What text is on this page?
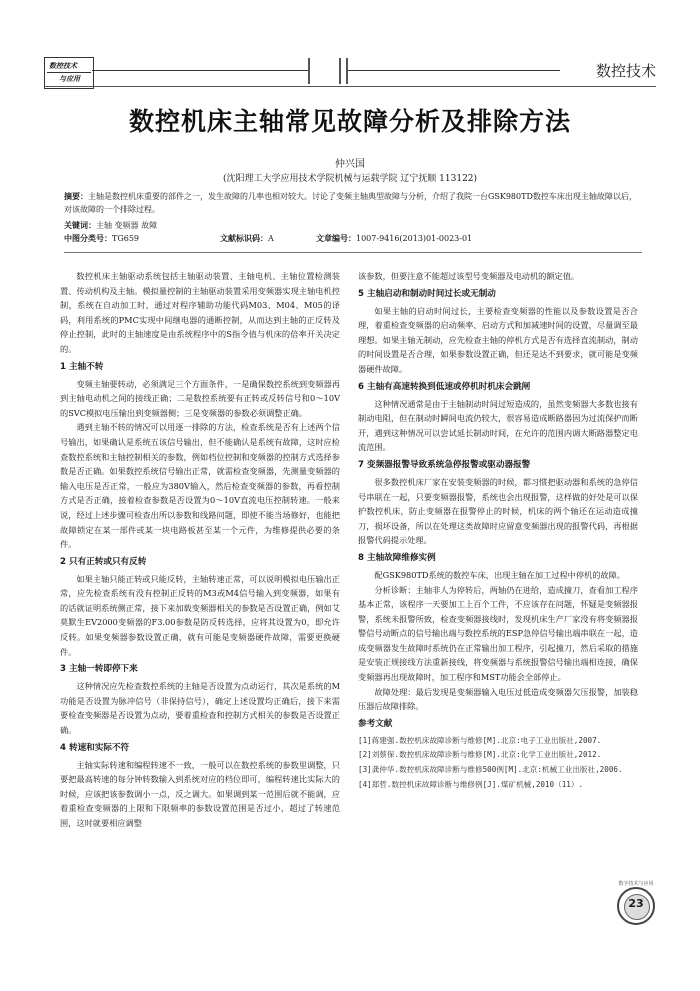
数控技术
与应用	数控技术
数控机床主轴常见故障分析及排除方法
仲兴国
(沈阳理工大学应用技术学院机械与运载学院 辽宁抚顺 113122)
摘要：主轴是数控机床重要的部件之一，发生故障的几率也相对较大。讨论了变频主轴典型故障与分析，介绍了我院一台GSK980TD数控车床出现主轴故障以后，对该故障的一个排除过程。
关键词：主轴 变频器 故障
中图分类号：TG659	文献标识码：A	文章编号：1007-9416(2013)01-0023-01

数控机床主轴驱动系统包括主轴驱动装置、主轴电机、主轴位置检测装置、传动机构及主轴。模拟量控制的主轴驱动装置采用变频器实现主轴电机控制，系统在自动加工时，通过对程序辅助功能代码M03、M04、M05的译码，利用系统的PMC实现中间继电器的通断控制，从而达到主轴的正反转及停止控制，此时的主轴速度是由系统程序中的S指令值与机床的倍率开关决定的。

1 主轴不转

变频主轴要转动，必须满足三个方面条件，一是确保数控系统到变频器再到主轴电动机之间的接线正确；二是数控系统要有正转或反转信号和0～10V的SVC模拟电压输出到变频器侧；三是变频器的参数必须调整正确。

遇到主轴不转的情况可以用逐一排除的方法，检查系统是否有上述两个信号输出，如果确认是系统五该信号输出，但不能确认是系统有故障，这时应检查数控系统和主轴控制相关的参数，例如档位控制和变频器的控制方式选择参数是否正确。如果数控系统信号输出正常，就需检查变频器，先测量变频器的输入电压是否正常，一般应为380V输入，然后检查变频器的参数，再看控制方式是否正确，接着检查参数是否设置为0～10V直流电压控制转速。一般来说，经过上述步骤可检查出所以参数和线路问题，即使不能当场修好，也能把故障锁定在某一部件或某一块电路板甚至某一个元件，为维修提供必要的条件。

2 只有正转或只有反转

如果主轴只能正转或只能反转，主轴转速正常，可以说明模拟电压输出正常，应先检查系统有没有控制正反转的M3或M4信号输入到变频器，如果有的话就证明系统侧正常，接下来加载变频器相关的参数是否设置正确，例如艾莫默生EV2000变频器的F3.00参数是防反转选择，应将其设置为0，即允许反转。如果变频器参数设置正确，就有可能是变频器硬件故障，需要更换硬件。

3 主轴一转即停下来

这种情况应先检查数控系统的主轴是否设置为点动运行，其次是系统的M功能是否设置为脉冲信号（非保持信号），确定上述设置均正确后，接下来需要检查变频器是否设置为点动，要着重检查和控制方式相关的参数是否设置正确。

4 转速和实际不符

主轴实际转速和编程转速不一致，一般可以在数控系统的参数里调整，只要把最高转速的每分钟转数输入到系统对应的档位即可，编程转速比实际大的时候，应该把该参数调小一点，反之调大。如果调到某一范围后就不能调，应着重检查变频器的上限和下限频率的参数设置范围是否过小，超过了转速范围，这时就要相应调整

该参数，但要注意不能超过该型号变频器及电动机的额定值。

5 主轴启动和制动时间过长或无制动

如果主轴的启动时间过长，主要检查变频器的性能以及参数设置是否合理，着重检查变频器的启动频率、启动方式和加减速时间的设置，尽量调至最理想。如果主轴无制动，应先检查主轴的停机方式是否有选择直流制动，制动的时间设置是否合理，如果参数设置正确，但还是达不到要求，就可能是变频器硬件故障。

6 主轴有高速转换到低速或停机时机床会跳闸

这种情况通常是由于主轴制动时间过短造成的，虽然变频器大多数也接有制动电阻，但在制动时瞬间电流仍较大，很容易造成断路器因为过流保护而断开，遇到这种情况可以尝试延长制动时间，在允许的范围内调大断路器整定电流范围。

7 变频器报警导致系统急停报警或驱动器报警

很多数控机床厂家在安装变频器的时候，都习惯把驱动器和系统的急停信号串联在一起，只要变频器报警，系统也会出现报警，这样做的好处是可以保护数控机床，防止变频器在报警停止的时候，机床的两个轴还在运动造成撞刀，损坏设备，所以在处理这类故障时应留意变频器出现的报警代码，再根据报警代码提示处理。

8 主轴故障维修实例

配GSK980TD系统的数控车床，出现主轴在加工过程中停机的故障。

分析诊断：主轴非人为停转后，两轴仍在进给，造成撞刀，查看加工程序基本正常，该程序一天要加工上百个工件，不应该存在问题，怀疑是变频器报警，系统未报警所致，检查变频器接线时，发现机床生产厂家没有将变频器报警信号动断点的信号输出端与数控系统的ESP急停信号输出端串联在一起，造成变频器发生故障时系统仍在正常输出加工程序，引起撞刀，然后采取的措施是安装正规接线方法重新接线，将变频器与系统报警信号输出端相连接，确保变频器再出现故障时，加工程序和MST功能会全部停止。

故障处理：最后发现是变频器输入电压过低造成变频器欠压报警，加装稳压器后故障排除。

参考文献

[1]蒋建强.数控机床故障诊断与维修[M].北京:电子工业出版社,2007.

[2]刘蔡保.数控机床故障诊断与维修[M].北京:化学工业出版社,2012.

[3]龚仲华.数控机床故障诊断与维修500例[M].北京:机械工业出版社,2006.

[4]郑哲.数控机床故障诊断与维修例[J].煤矿机械,2010（11）.

数字技术与应用
23
